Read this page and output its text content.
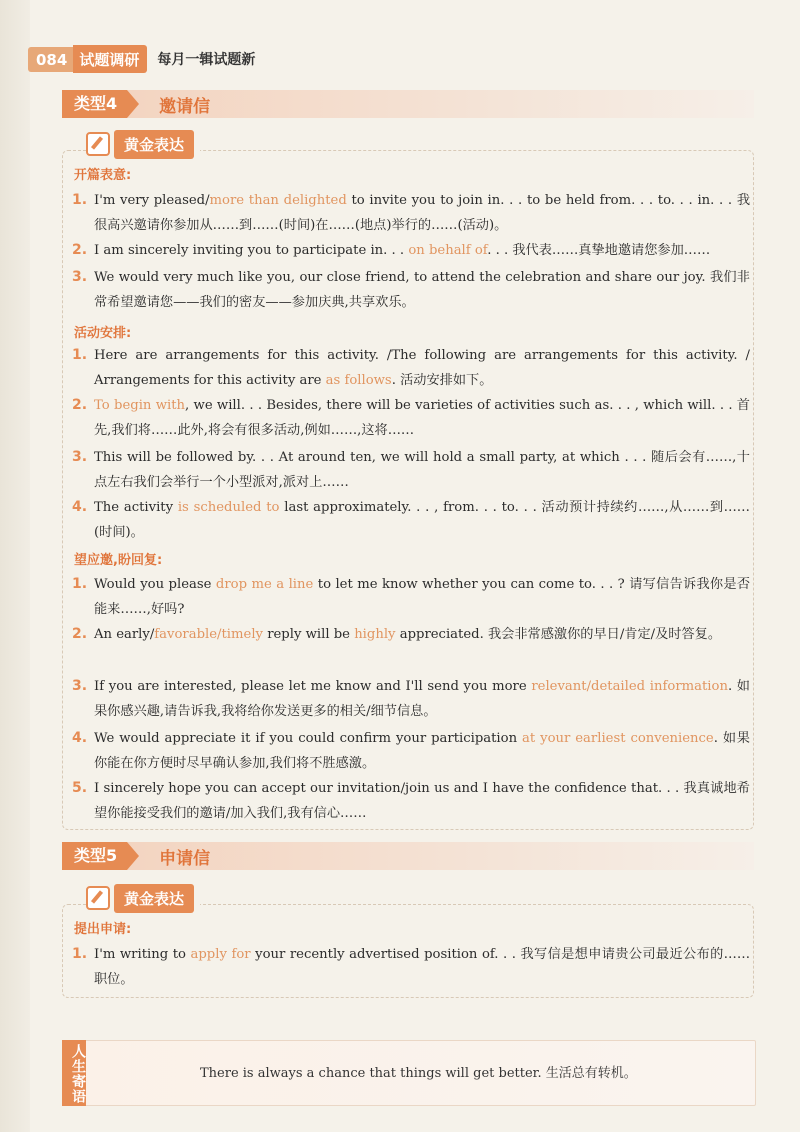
084 试题调研	每月一辑试题新
类型4	邀请信
黄金表达
开篇表意:
1. I'm very pleased/more than delighted to invite you to join in. . . to be held from. . . to. . . in. . . 我很高兴邀请你参加从……到……(时间)在……(地点)举行的……(活动)。
2. I am sincerely inviting you to participate in. . . on behalf of. . . 我代表……真挚地邀请您参加……
3. We would very much like you, our close friend, to attend the celebration and share our joy. 我们非常希望邀请您——我们的密友——参加庆典,共享欢乐。
活动安排:
1. Here are arrangements for this activity. /The following are arrangements for this activity. / Arrangements for this activity are as follows. 活动安排如下。
2. To begin with, we will. . . Besides, there will be varieties of activities such as. . . , which will. . . 首先,我们将……此外,将会有很多活动,例如……,这将……
3. This will be followed by. . . At around ten, we will hold a small party, at which . . . 随后会有……,十点左右我们会举行一个小型派对,派对上……
4. The activity is scheduled to last approximately. . . , from. . . to. . . 活动预计持续约……,从……到……(时间)。
望应邀,盼回复:
1. Would you please drop me a line to let me know whether you can come to. . . ? 请写信告诉我你是否能来……,好吗?
2. An early/favorable/timely reply will be highly appreciated. 我会非常感激你的早日/肯定/及时答复。
3. If you are interested, please let me know and I'll send you more relevant/detailed information. 如果你感兴趣,请告诉我,我将给你发送更多的相关/细节信息。
4. We would appreciate it if you could confirm your participation at your earliest convenience. 如果你能在你方便时尽早确认参加,我们将不胜感激。
5. I sincerely hope you can accept our invitation/join us and I have the confidence that. . . 我真诚地希望你能接受我们的邀请/加入我们,我有信心……
类型5	申请信
黄金表达
提出申请:
1. I'm writing to apply for your recently advertised position of. . . 我写信是想申请贵公司最近公布的……职位。
人生寄语	There is always a chance that things will get better. 生活总有转机。
